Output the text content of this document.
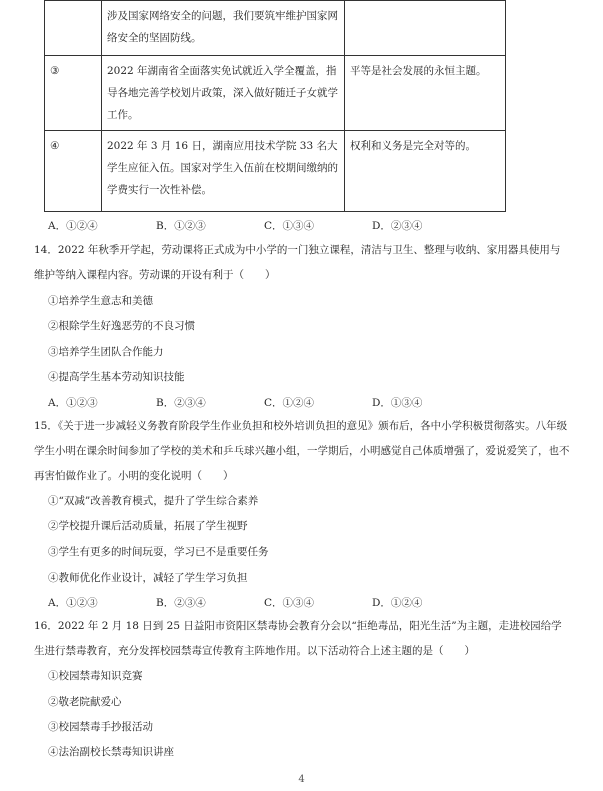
	涉及国家网络安全的问题，我们要筑牢维护国家网络安全的坚固防线。	
③	2022 年湖南省全面落实免试就近入学全覆盖，指导各地完善学校划片政策，深入做好随迁子女就学工作。	平等是社会发展的永恒主题。
④	2022 年 3 月 16 日，湖南应用技术学院 33 名大学生应征入伍。国家对学生入伍前在校期间缴纳的学费实行一次性补偿。	权利和义务是完全对等的。
A．①②④	B．①②③	C．①③④	D．②③④
14．2022 年秋季开学起，劳动课将正式成为中小学的一门独立课程，清洁与卫生、整理与收纳、家用器具使用与维护等纳入课程内容。劳动课的开设有利于（　　）
①培养学生意志和美德
②根除学生好逸恶劳的不良习惯
③培养学生团队合作能力
④提高学生基本劳动知识技能
A．①②③	B．②③④	C．①②④	D．①③④
15．《关于进一步减轻义务教育阶段学生作业负担和校外培训负担的意见》颁布后，各中小学积极贯彻落实。八年级学生小明在课余时间参加了学校的美术和乒乓球兴趣小组，一学期后，小明感觉自己体质增强了，爱说爱笑了，也不再害怕做作业了。小明的变化说明（　　）
①“双减”改善教育模式，提升了学生综合素养
②学校提升课后活动质量，拓展了学生视野
③学生有更多的时间玩耍，学习已不是重要任务
④教师优化作业设计，减轻了学生学习负担
A．①②③	B．②③④	C．①③④	D．①②④
16．2022 年 2 月 18 日到 25 日益阳市资阳区禁毒协会教育分会以“拒绝毒品，阳光生活”为主题，走进校园给学生进行禁毒教育，充分发挥校园禁毒宣传教育主阵地作用。以下活动符合上述主题的是（　　）
①校园禁毒知识竞赛
②敬老院献爱心
③校园禁毒手抄报活动
④法治副校长禁毒知识讲座
4
